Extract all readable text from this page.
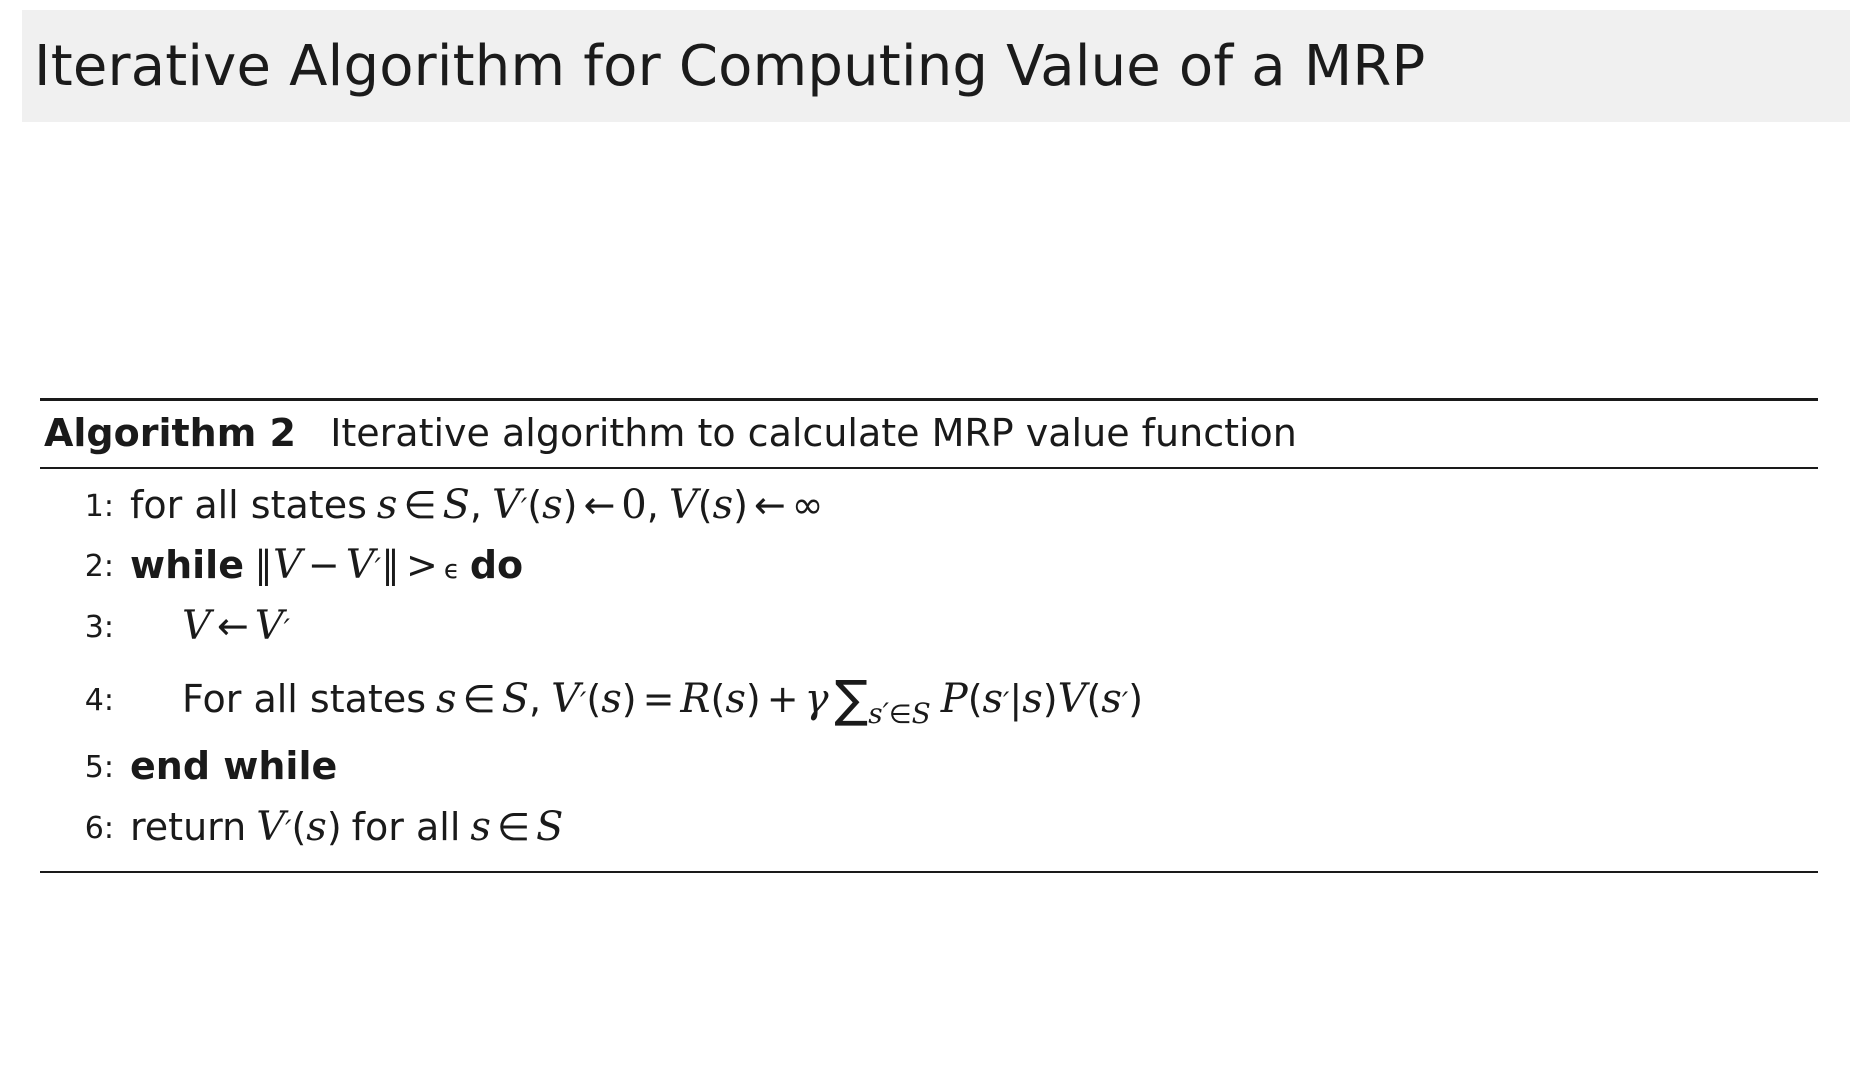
Iterative Algorithm for Computing Value of a MRP
Algorithm 2 Iterative algorithm to calculate MRP value function
1: for all states s ∈ S, V′(s) ← 0, V(s) ← ∞
2: while ∥V − V′∥ > ϵ do
3:	V ← V′
4:	For all states s ∈ S, V′(s) = R(s) + γ $\sum_{s'\in S}$ P(s′|s)V(s′)
5: end while
6: return V′(s) for all s ∈ S
